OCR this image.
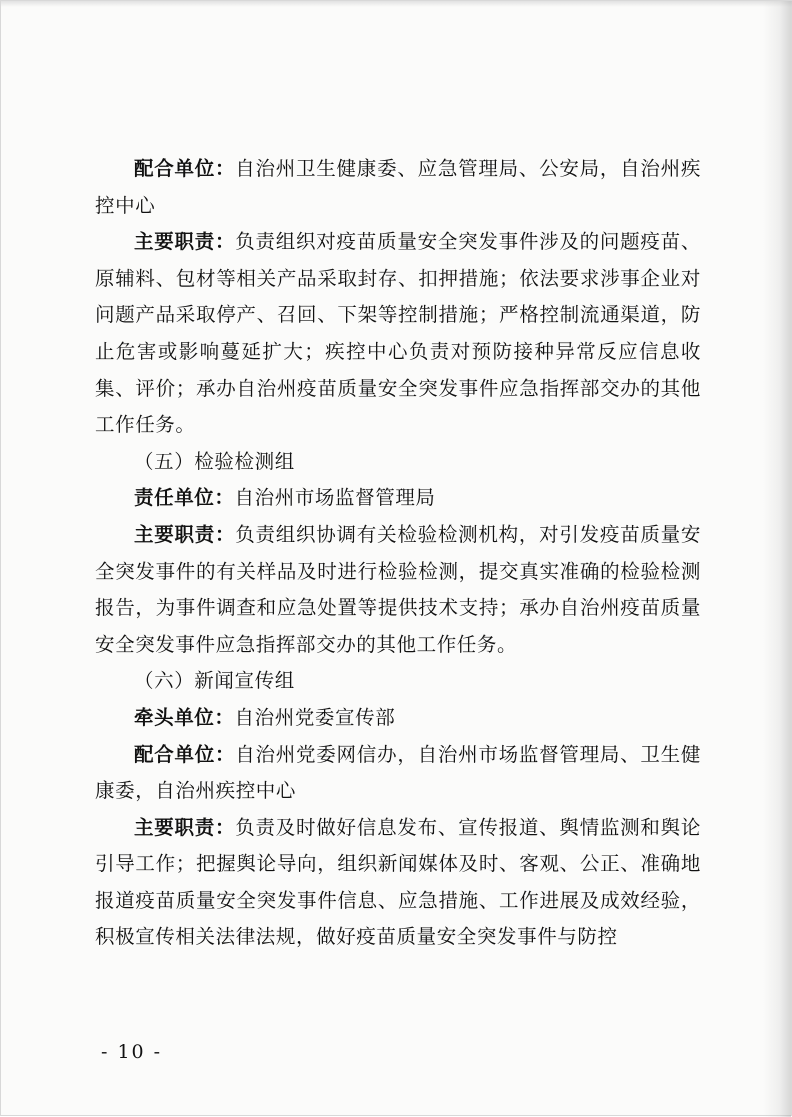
配合单位：自治州卫生健康委、应急管理局、公安局，自治州疾控中心

主要职责：负责组织对疫苗质量安全突发事件涉及的问题疫苗、原辅料、包材等相关产品采取封存、扣押措施；依法要求涉事企业对问题产品采取停产、召回、下架等控制措施；严格控制流通渠道，防止危害或影响蔓延扩大；疾控中心负责对预防接种异常反应信息收集、评价；承办自治州疫苗质量安全突发事件应急指挥部交办的其他工作任务。

（五）检验检测组

责任单位：自治州市场监督管理局

主要职责：负责组织协调有关检验检测机构，对引发疫苗质量安全突发事件的有关样品及时进行检验检测，提交真实准确的检验检测报告，为事件调查和应急处置等提供技术支持；承办自治州疫苗质量安全突发事件应急指挥部交办的其他工作任务。

（六）新闻宣传组

牵头单位：自治州党委宣传部

配合单位：自治州党委网信办，自治州市场监督管理局、卫生健康委，自治州疾控中心

主要职责：负责及时做好信息发布、宣传报道、舆情监测和舆论引导工作；把握舆论导向，组织新闻媒体及时、客观、公正、准确地报道疫苗质量安全突发事件信息、应急措施、工作进展及成效经验，积极宣传相关法律法规，做好疫苗质量安全突发事件与防控

- 10 -
